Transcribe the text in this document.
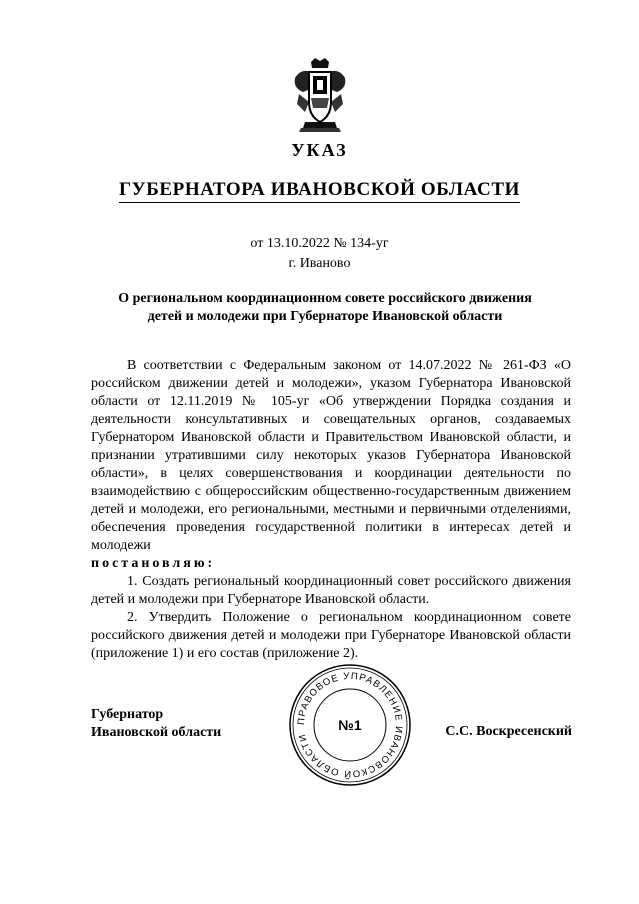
УКАЗ
ГУБЕРНАТОРА ИВАНОВСКОЙ ОБЛАСТИ
от 13.10.2022 № 134-уг
г. Иваново
О региональном координационном совете российского движения
детей и молодежи при Губернаторе Ивановской области

В соответствии с Федеральным законом от 14.07.2022 № 261-ФЗ «О российском движении детей и молодежи», указом Губернатора Ивановской области от 12.11.2019 № 105-уг «Об утверждении Порядка создания и деятельности консультативных и совещательных органов, создаваемых Губернатором Ивановской области и Правительством Ивановской области, и признании утратившими силу некоторых указов Губернатора Ивановской области», в целях совершенствования и координации деятельности по взаимодействию с общероссийским общественно-государственным движением детей и молодежи, его региональными, местными и первичными отделениями, обеспечения проведения государственной политики в интересах детей и молодежи

постановляю:

1. Создать региональный координационный совет российского движения детей и молодежи при Губернаторе Ивановской области.

2. Утвердить Положение о региональном координационном совете российского движения детей и молодежи при Губернаторе Ивановской области (приложение 1) и его состав (приложение 2).

Губернатор
Ивановской области	С.С. Воскресенский
ПРАВОВОЕ УПРАВЛЕНИЕ ИВАНОВСКОЙ ОБЛАСТИ
№1
